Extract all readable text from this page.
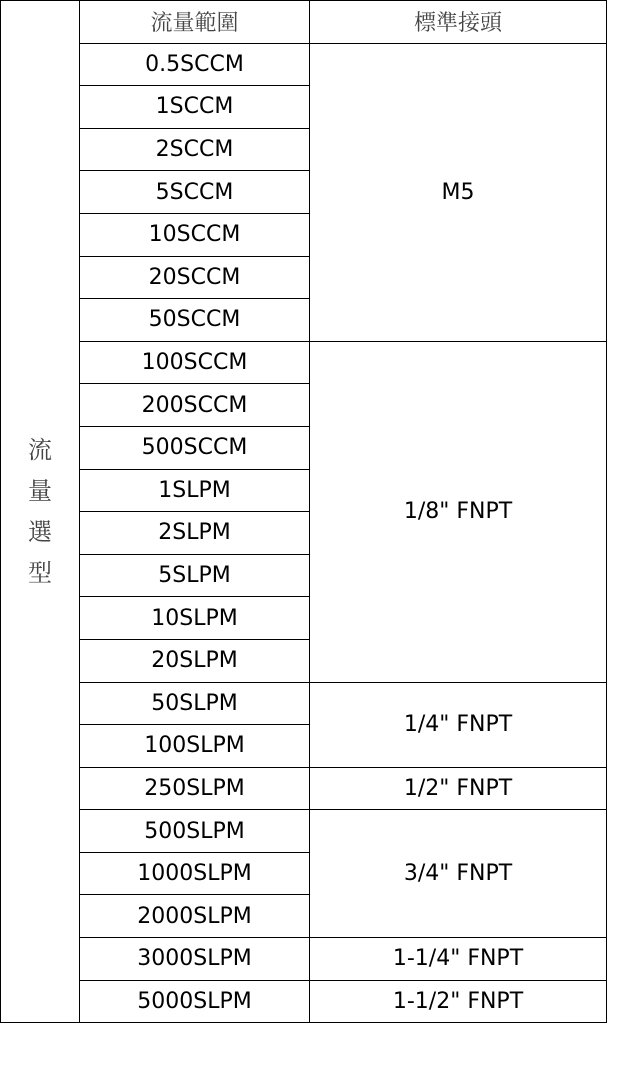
流
量
選
型	流量範圍	標準接頭
	0.5SCCM	M5
	1SCCM	
	2SCCM	
	5SCCM	
	10SCCM	
	20SCCM	
	50SCCM	
	100SCCM	1/8" FNPT
	200SCCM	
	500SCCM	
	1SLPM	
	2SLPM	
	5SLPM	
	10SLPM	
	20SLPM	
	50SLPM	1/4" FNPT
	100SLPM	
	250SLPM	1/2" FNPT
	500SLPM	3/4" FNPT
	1000SLPM	
	2000SLPM	
	3000SLPM	1-1/4" FNPT
	5000SLPM	1-1/2" FNPT
